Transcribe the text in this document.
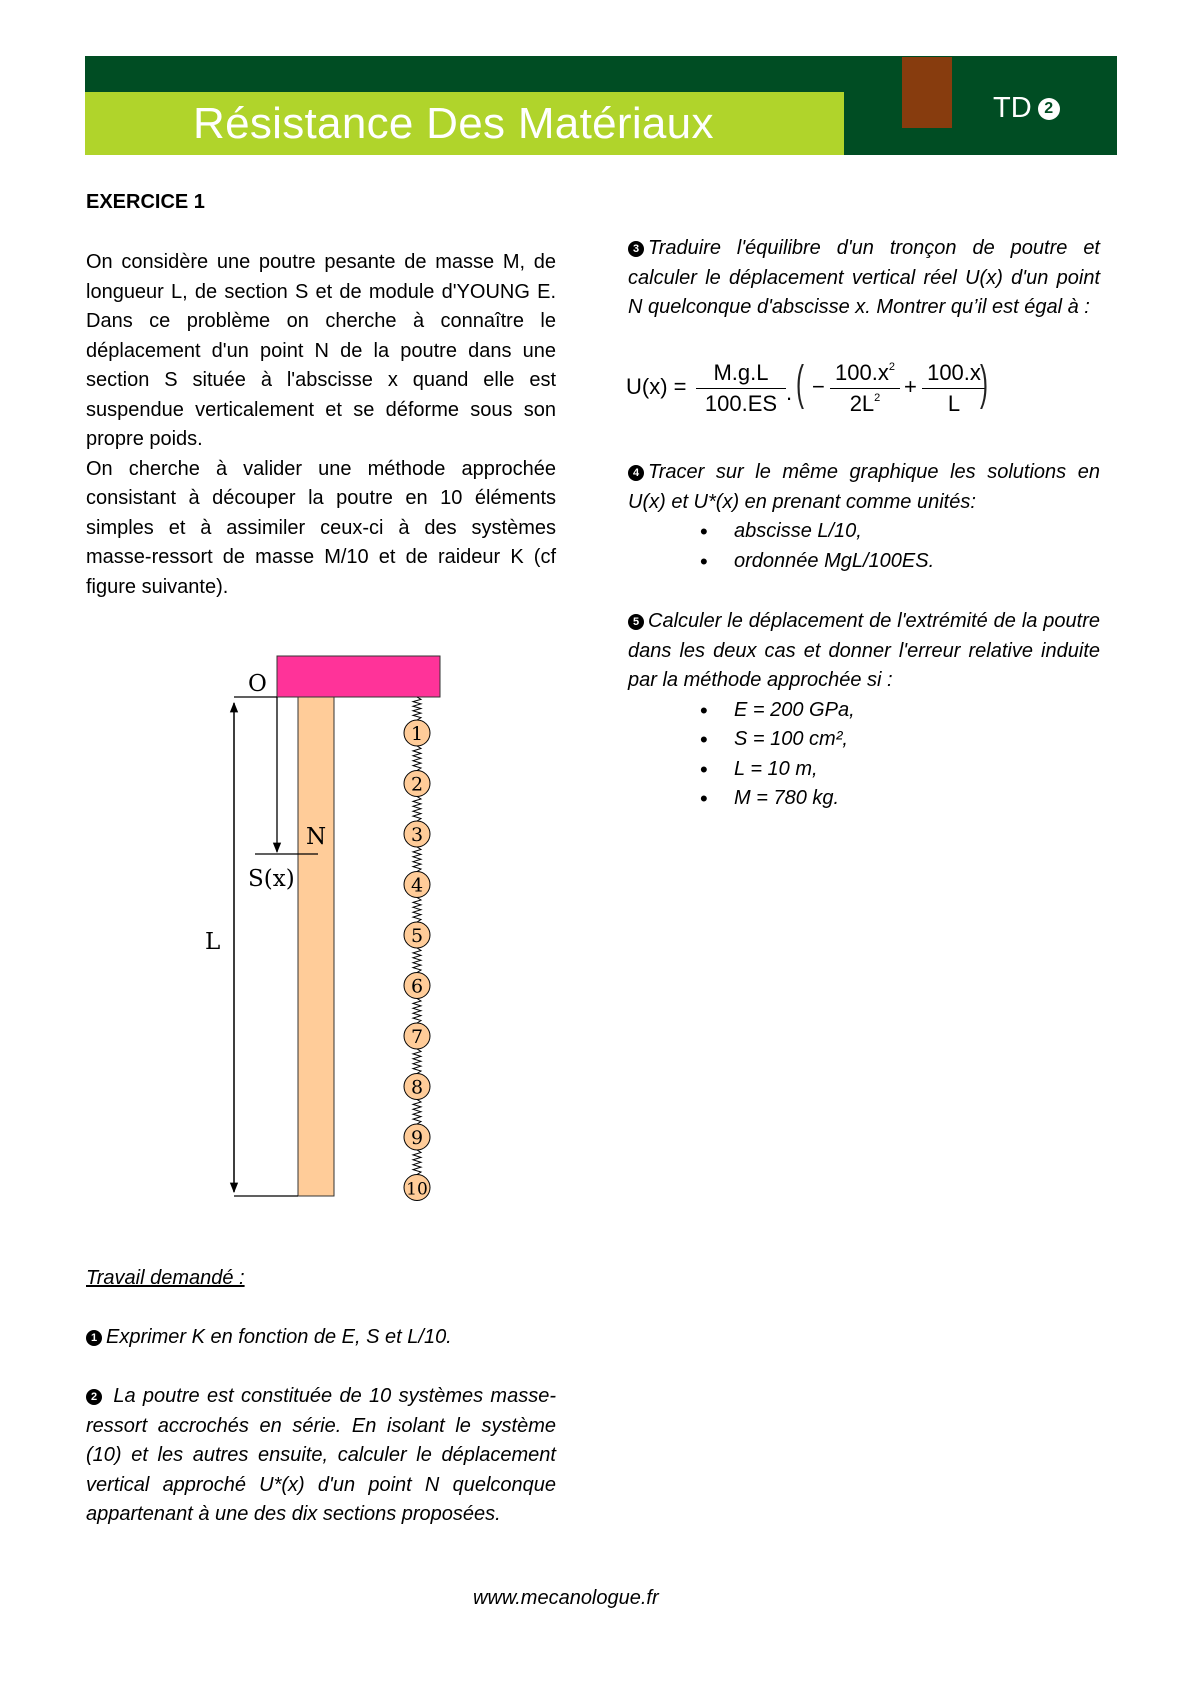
Résistance Des Matériaux	TD 2
EXERCICE 1

On considère une poutre pesante de masse M, de longueur L, de section S et de module d'YOUNG E. Dans ce problème on cherche à connaître le déplacement d'un point N de la poutre dans une section S située à l'abscisse x quand elle est suspendue verticalement et se déforme sous son propre poids.

On cherche à valider une méthode approchée consistant à découper la poutre en 10 éléments simples et à assimiler ceux-ci à des systèmes masse-ressort de masse M/10 et de raideur K (cf figure suivante).

O
N
S(x)
L
1
2
3
4
5
6
7
8
9
10
Travail demandé :
1 Exprimer K en fonction de E, S et L/10.
2 La poutre est constituée de 10 systèmes masse-ressort accrochés en série. En isolant le système (10) et les autres ensuite, calculer le déplacement vertical approché U*(x) d'un point N quelconque appartenant à une des dix sections proposées.
3 Traduire l'équilibre d'un tronçon de poutre et calculer le déplacement vertical réel U(x) d'un point N quelconque d'abscisse x. Montrer qu’il est égal à :
$U(x) = \frac{M.g.L}{100.ES}$ . ( − $\frac{100.x^2}{2L^2} + \frac{100.x}{L}$
)
4 Tracer sur le même graphique les solutions en U(x) et U*(x) en prenant comme unités:
• abscisse L/10,
• ordonnée MgL/100ES.
5 Calculer le déplacement de l'extrémité de la poutre dans les deux cas et donner l'erreur relative induite par la méthode approchée si :
• E = 200 GPa,
• S = 100 cm²,
• L = 10 m,
• M = 780 kg.
www.mecanologue.fr
